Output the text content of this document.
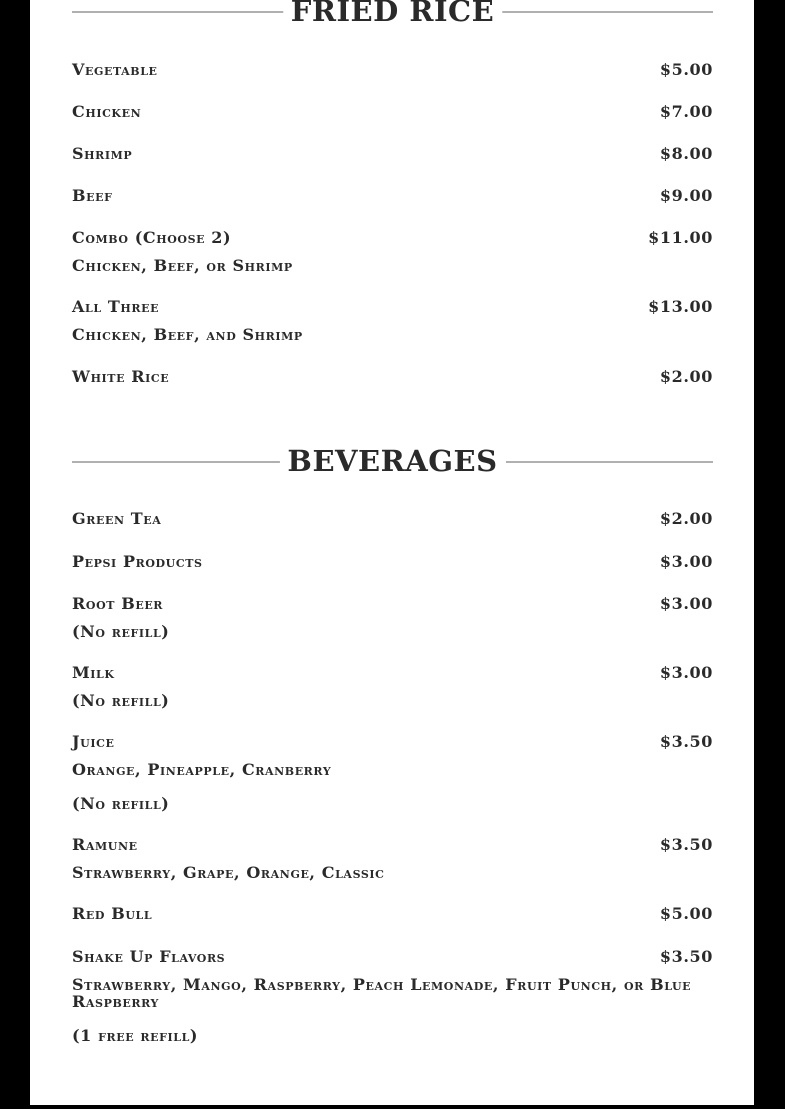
FRIED RICE
Vegetable	$5.00
Chicken	$7.00
Shrimp	$8.00
Beef	$9.00
Combo (Choose 2)	$11.00
Chicken, Beef, or Shrimp
All Three	$13.00
Chicken, Beef, and Shrimp
White Rice	$2.00
BEVERAGES
Green Tea	$2.00
Pepsi Products	$3.00
Root Beer	$3.00
(No refill)
Milk	$3.00
(No refill)
Juice	$3.50
Orange, Pineapple, Cranberry
(No refill)
Ramune	$3.50
Strawberry, Grape, Orange, Classic
Red Bull	$5.00
Shake Up Flavors	$3.50
Strawberry, Mango, Raspberry, Peach Lemonade, Fruit Punch, or Blue Raspberry
(1 free refill)
